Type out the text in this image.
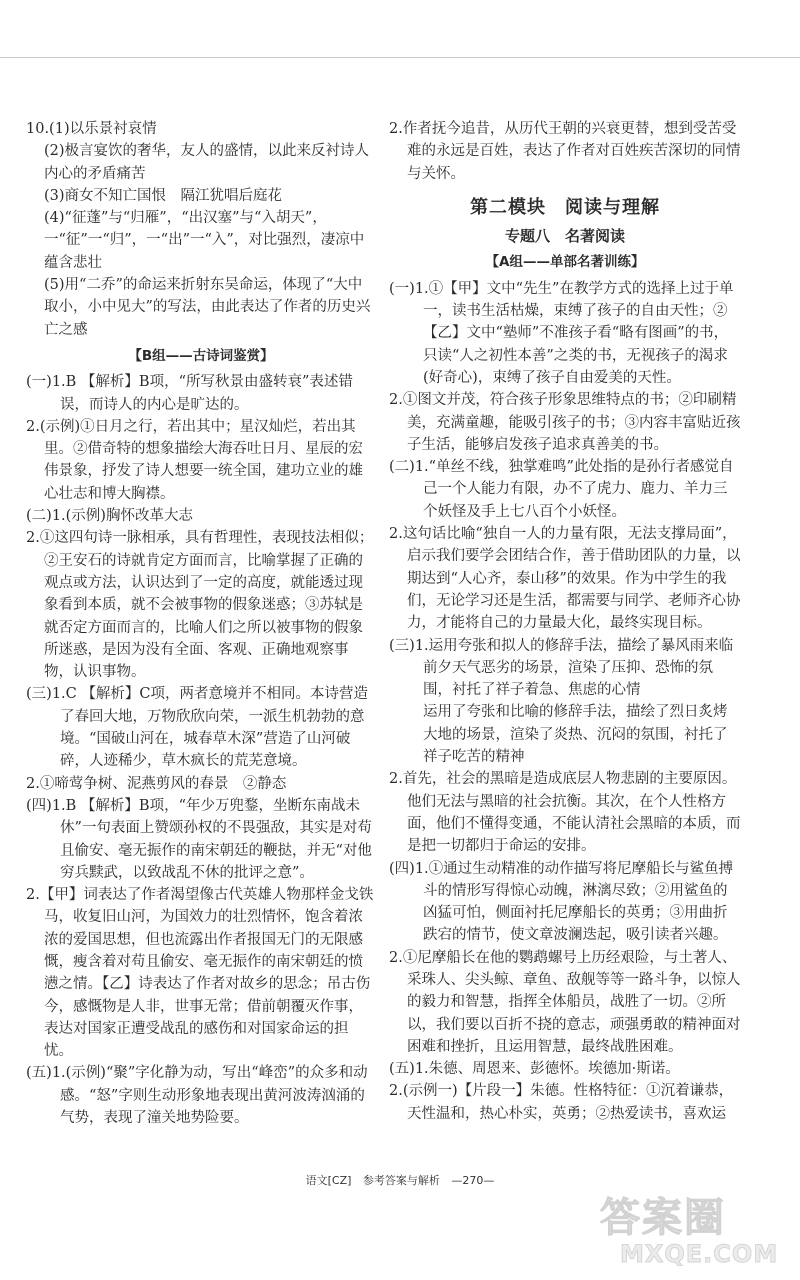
10.(1)以乐景衬哀情
(2)极言宴饮的奢华，友人的盛情，以此来反衬诗人内心的矛盾痛苦
(3)商女不知亡国恨　隔江犹唱后庭花
(4)“征蓬”与“归雁”，“出汉塞”与“入胡天”，一“征”一“归”，一“出”一“入”，对比强烈，凄凉中蕴含悲壮
(5)用“二乔”的命运来折射东吴命运，体现了“大中取小，小中见大”的写法，由此表达了作者的历史兴亡之感
【B组——古诗词鉴赏】
(一)1.B 【解析】B项，“所写秋景由盛转衰”表述错误，而诗人的内心是旷达的。
2.(示例)①日月之行，若出其中；星汉灿烂，若出其里。②借奇特的想象描绘大海吞吐日月、星辰的宏伟景象，抒发了诗人想要一统全国，建功立业的雄心壮志和博大胸襟。
(二)1.(示例)胸怀改革大志
2.①这四句诗一脉相承，具有哲理性，表现技法相似；②王安石的诗就肯定方面而言，比喻掌握了正确的观点或方法，认识达到了一定的高度，就能透过现象看到本质，就不会被事物的假象迷惑；③苏轼是就否定方面而言的，比喻人们之所以被事物的假象所迷惑，是因为没有全面、客观、正确地观察事物，认识事物。
(三)1.C 【解析】C项，两者意境并不相同。本诗营造了春回大地，万物欣欣向荣，一派生机勃勃的意境。“国破山河在，城春草木深”营造了山河破碎，人迹稀少，草木疯长的荒芜意境。
2.①啼莺争树、泥燕剪风的春景　②静态
(四)1.B 【解析】B项，“年少万兜鍪，坐断东南战未休”一句表面上赞颂孙权的不畏强敌，其实是对苟且偷安、毫无振作的南宋朝廷的鞭挞，并无“对他穷兵黩武，以致战乱不休的批评之意”。
2.【甲】词表达了作者渴望像古代英雄人物那样金戈铁马，收复旧山河，为国效力的壮烈情怀，饱含着浓浓的爱国思想，但也流露出作者报国无门的无限感慨，瘦含着对苟且偷安、毫无振作的南宋朝廷的愤懑之情。【乙】诗表达了作者对故乡的思念；吊古伤今，感慨物是人非，世事无常；借前朝覆灭作事，表达对国家正遭受战乱的感伤和对国家命运的担忧。
(五)1.(示例)“聚”字化静为动，写出“峰峦”的众多和动感。“怒”字则生动形象地表现出黄河波涛汹涌的气势，表现了潼关地势险要。
2.作者抚今追昔，从历代王朝的兴衰更替，想到受苦受难的永远是百姓，表达了作者对百姓疾苦深切的同情与关怀。
第二模块　阅读与理解
专题八　名著阅读
【A组——单部名著训练】
(一)1.①【甲】文中“先生”在教学方式的选择上过于单一，读书生活枯燥，束缚了孩子的自由天性；②【乙】文中“塾师”不准孩子看“略有图画”的书，只读“人之初性本善”之类的书，无视孩子的渴求(好奇心)，束缚了孩子自由爱美的天性。
2.①图文并茂，符合孩子形象思维特点的书；②印刷精美，充满童趣，能吸引孩子的书；③内容丰富贴近孩子生活，能够启发孩子追求真善美的书。
(二)1.“单丝不线，独掌难鸣”此处指的是孙行者感觉自己一个人能力有限，办不了虎力、鹿力、羊力三个妖怪及手上七八百个小妖怪。
2.这句话比喻“独自一人的力量有限，无法支撑局面”，启示我们要学会团结合作，善于借助团队的力量，以期达到“人心齐，泰山移”的效果。作为中学生的我们，无论学习还是生活，都需要与同学、老师齐心协力，才能将自己的力量最大化，最终实现目标。
(三)1.运用夸张和拟人的修辞手法，描绘了暴风雨来临前夕天气恶劣的场景，渲染了压抑、恐怖的氛围，衬托了祥子着急、焦虑的心情
运用了夸张和比喻的修辞手法，描绘了烈日炙烤大地的场景，渲染了炎热、沉闷的氛围，衬托了祥子吃苦的精神
2.首先，社会的黑暗是造成底层人物悲剧的主要原因。他们无法与黑暗的社会抗衡。其次，在个人性格方面，他们不懂得变通，不能认清社会黑暗的本质，而是把一切都归于命运的安排。
(四)1.①通过生动精准的动作描写将尼摩船长与鲨鱼搏斗的情形写得惊心动魄，淋漓尽致；②用鲨鱼的凶猛可怕，侧面衬托尼摩船长的英勇；③用曲折跌宕的情节，使文章波澜迭起，吸引读者兴趣。
2.①尼摩船长在他的鹦鹉螺号上历经艰险，与土著人、采珠人、尖头鲸、章鱼、敌舰等等一路斗争，以惊人的毅力和智慧，指挥全体船员，战胜了一切。②所以，我们要以百折不挠的意志，顽强勇敢的精神面对困难和挫折，且运用智慧，最终战胜困难。
(五)1.朱德、周恩来、彭德怀。埃德加·斯诺。
2.(示例一)【片段一】朱德。性格特征：①沉着谦恭，天性温和，热心朴实，英勇；②热爱读书，喜欢运
语文[CZ] 参考答案与解析 —270—
答案圈
MXQE.COM
